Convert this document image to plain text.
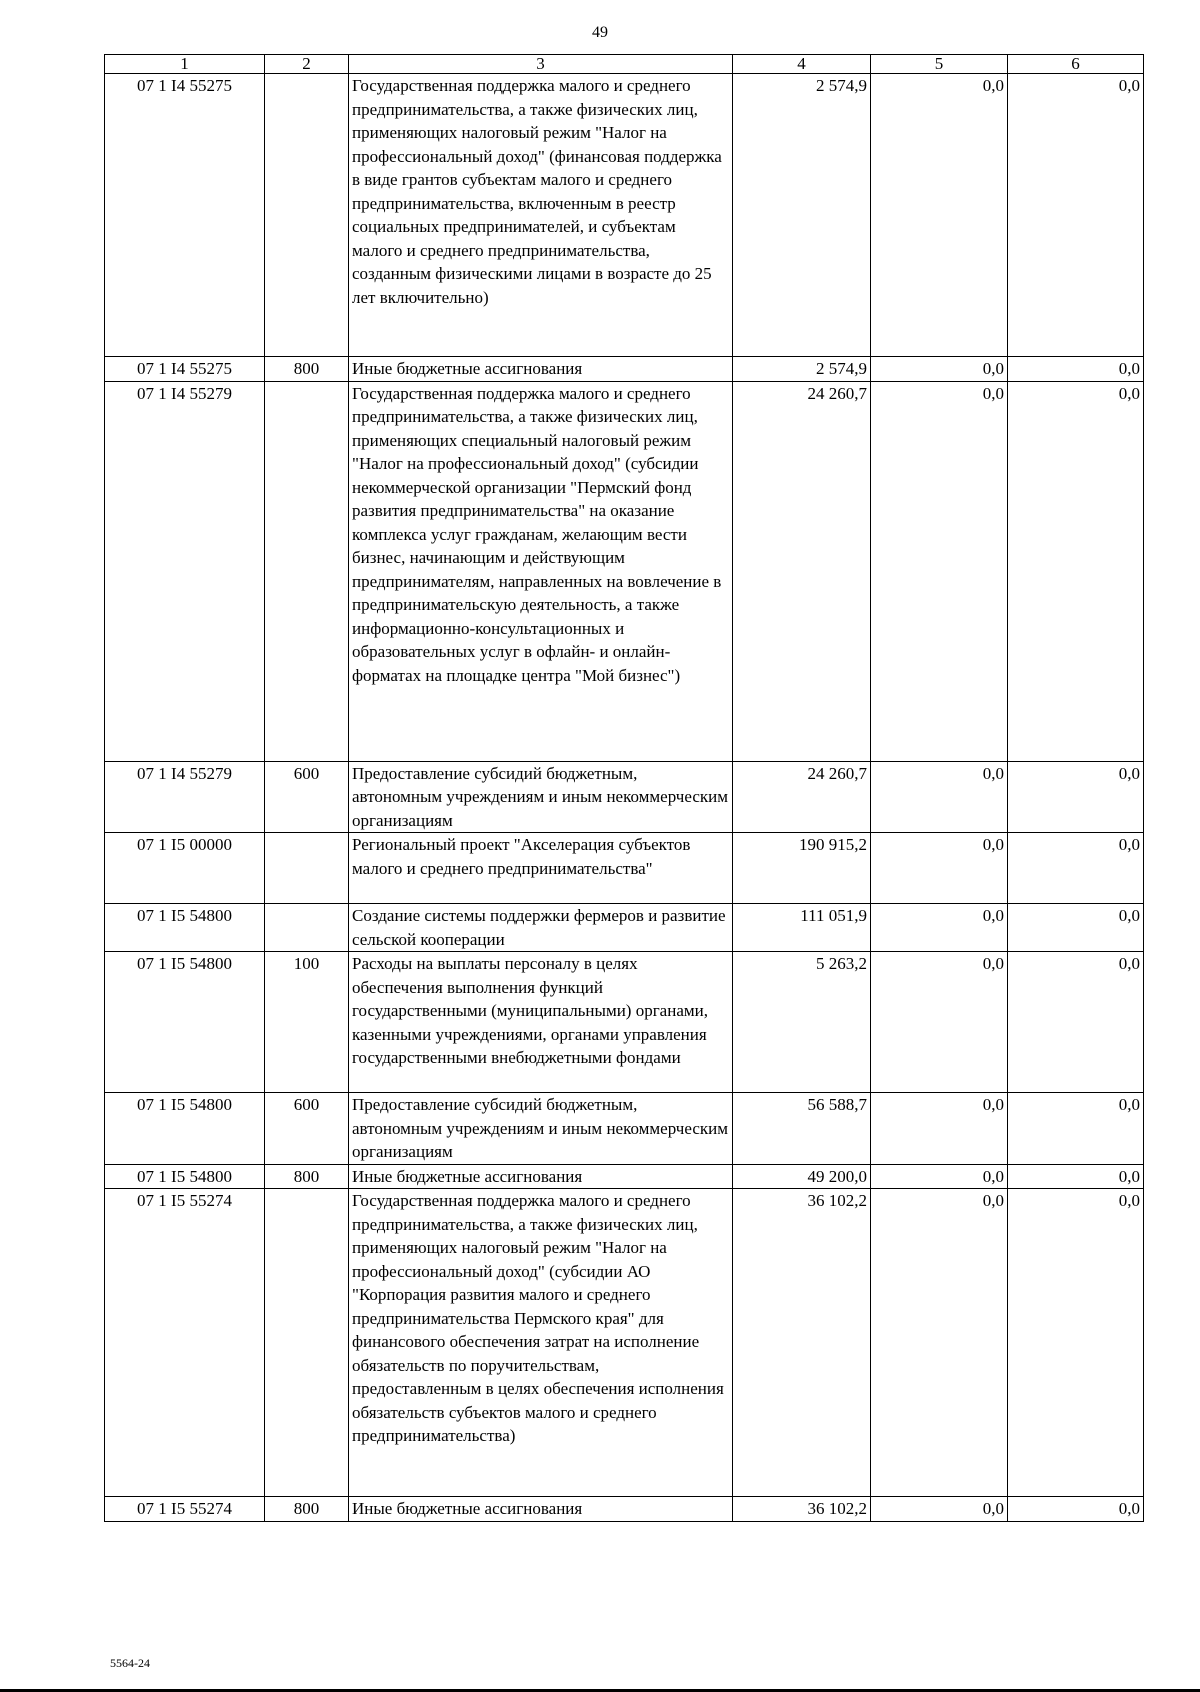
49
1	2	3	4	5	6
07 1 I4 55275		Государственная поддержка малого и среднего предпринимательства, а также физических лиц, применяющих налоговый режим "Налог на профессиональный доход" (финансовая поддержка в виде грантов субъектам малого и среднего предпринимательства, включенным в реестр социальных предпринимателей, и субъектам малого и среднего предпринимательства, созданным физическими лицами в возрасте до 25 лет включительно)	2 574,9	0,0	0,0
07 1 I4 55275	800	Иные бюджетные ассигнования	2 574,9	0,0	0,0
07 1 I4 55279		Государственная поддержка малого и среднего предпринимательства, а также физических лиц, применяющих специальный налоговый режим "Налог на профессиональный доход" (субсидии некоммерческой организации "Пермский фонд развития предпринимательства" на оказание комплекса услуг гражданам, желающим вести бизнес, начинающим и действующим предпринимателям, направленных на вовлечение в предпринимательскую деятельность, а также информационно-консультационных и образовательных услуг в офлайн- и онлайн-форматах на площадке центра "Мой бизнес")	24 260,7	0,0	0,0
07 1 I4 55279	600	Предоставление субсидий бюджетным, автономным учреждениям и иным некоммерческим организациям	24 260,7	0,0	0,0
07 1 I5 00000		Региональный проект "Акселерация субъектов малого и среднего предпринимательства"	190 915,2	0,0	0,0
07 1 I5 54800		Создание системы поддержки фермеров и развитие сельской кооперации	111 051,9	0,0	0,0
07 1 I5 54800	100	Расходы на выплаты персоналу в целях обеспечения выполнения функций государственными (муниципальными) органами, казенными учреждениями, органами управления государственными внебюджетными фондами	5 263,2	0,0	0,0
07 1 I5 54800	600	Предоставление субсидий бюджетным, автономным учреждениям и иным некоммерческим организациям	56 588,7	0,0	0,0
07 1 I5 54800	800	Иные бюджетные ассигнования	49 200,0	0,0	0,0
07 1 I5 55274		Государственная поддержка малого и среднего предпринимательства, а также физических лиц, применяющих налоговый режим "Налог на профессиональный доход" (субсидии АО "Корпорация развития малого и среднего предпринимательства Пермского края" для финансового обеспечения затрат на исполнение обязательств по поручительствам, предоставленным в целях обеспечения исполнения обязательств субъектов малого и среднего предпринимательства)	36 102,2	0,0	0,0
07 1 I5 55274	800	Иные бюджетные ассигнования	36 102,2	0,0	0,0
5564-24
